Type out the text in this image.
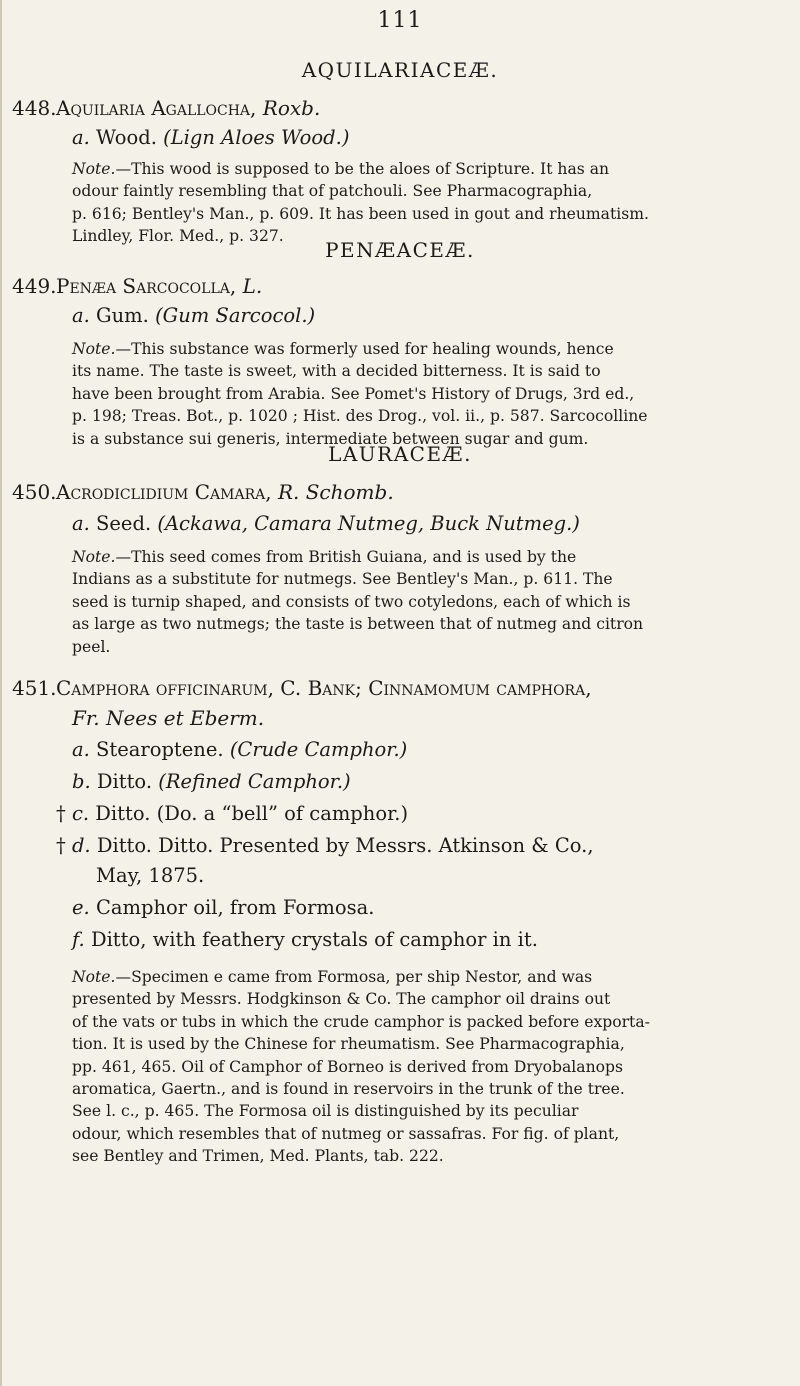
111
AQUILARIACEÆ.
448. Aquilaria Agallocha, Roxb.
a. Wood. (Lign Aloes Wood.)
Note.—This wood is supposed to be the aloes of Scripture. It has an
odour faintly resembling that of patchouli. See Pharmacographia,
p. 616; Bentley's Man., p. 609. It has been used in gout and rheumatism.
Lindley, Flor. Med., p. 327.
PENÆACEÆ.
449. Penæa Sarcocolla, L.
a. Gum. (Gum Sarcocol.)
Note.—This substance was formerly used for healing wounds, hence
its name. The taste is sweet, with a decided bitterness. It is said to
have been brought from Arabia. See Pomet's History of Drugs, 3rd ed.,
p. 198; Treas. Bot., p. 1020 ; Hist. des Drog., vol. ii., p. 587. Sarcocolline
is a substance sui generis, intermediate between sugar and gum.
LAURACEÆ.
450. Acrodiclidium Camara, R. Schomb.
a. Seed. (Ackawa, Camara Nutmeg, Buck Nutmeg.)
Note.—This seed comes from British Guiana, and is used by the
Indians as a substitute for nutmegs. See Bentley's Man., p. 611. The
seed is turnip shaped, and consists of two cotyledons, each of which is
as large as two nutmegs; the taste is between that of nutmeg and citron
peel.
451. Camphora officinarum, C. Bank; Cinnamomum camphora,
Fr. Nees et Eberm.
a. Stearoptene. (Crude Camphor.)
b. Ditto. (Refined Camphor.)
† c. Ditto. (Do. a “bell” of camphor.)
† d. Ditto. Ditto. Presented by Messrs. Atkinson & Co.,
May, 1875.
e. Camphor oil, from Formosa.
f. Ditto, with feathery crystals of camphor in it.
Note.—Specimen e came from Formosa, per ship Nestor, and was
presented by Messrs. Hodgkinson & Co. The camphor oil drains out
of the vats or tubs in which the crude camphor is packed before exporta-
tion. It is used by the Chinese for rheumatism. See Pharmacographia,
pp. 461, 465. Oil of Camphor of Borneo is derived from Dryobalanops
aromatica, Gaertn., and is found in reservoirs in the trunk of the tree.
See l. c., p. 465. The Formosa oil is distinguished by its peculiar
odour, which resembles that of nutmeg or sassafras. For fig. of plant,
see Bentley and Trimen, Med. Plants, tab. 222.
